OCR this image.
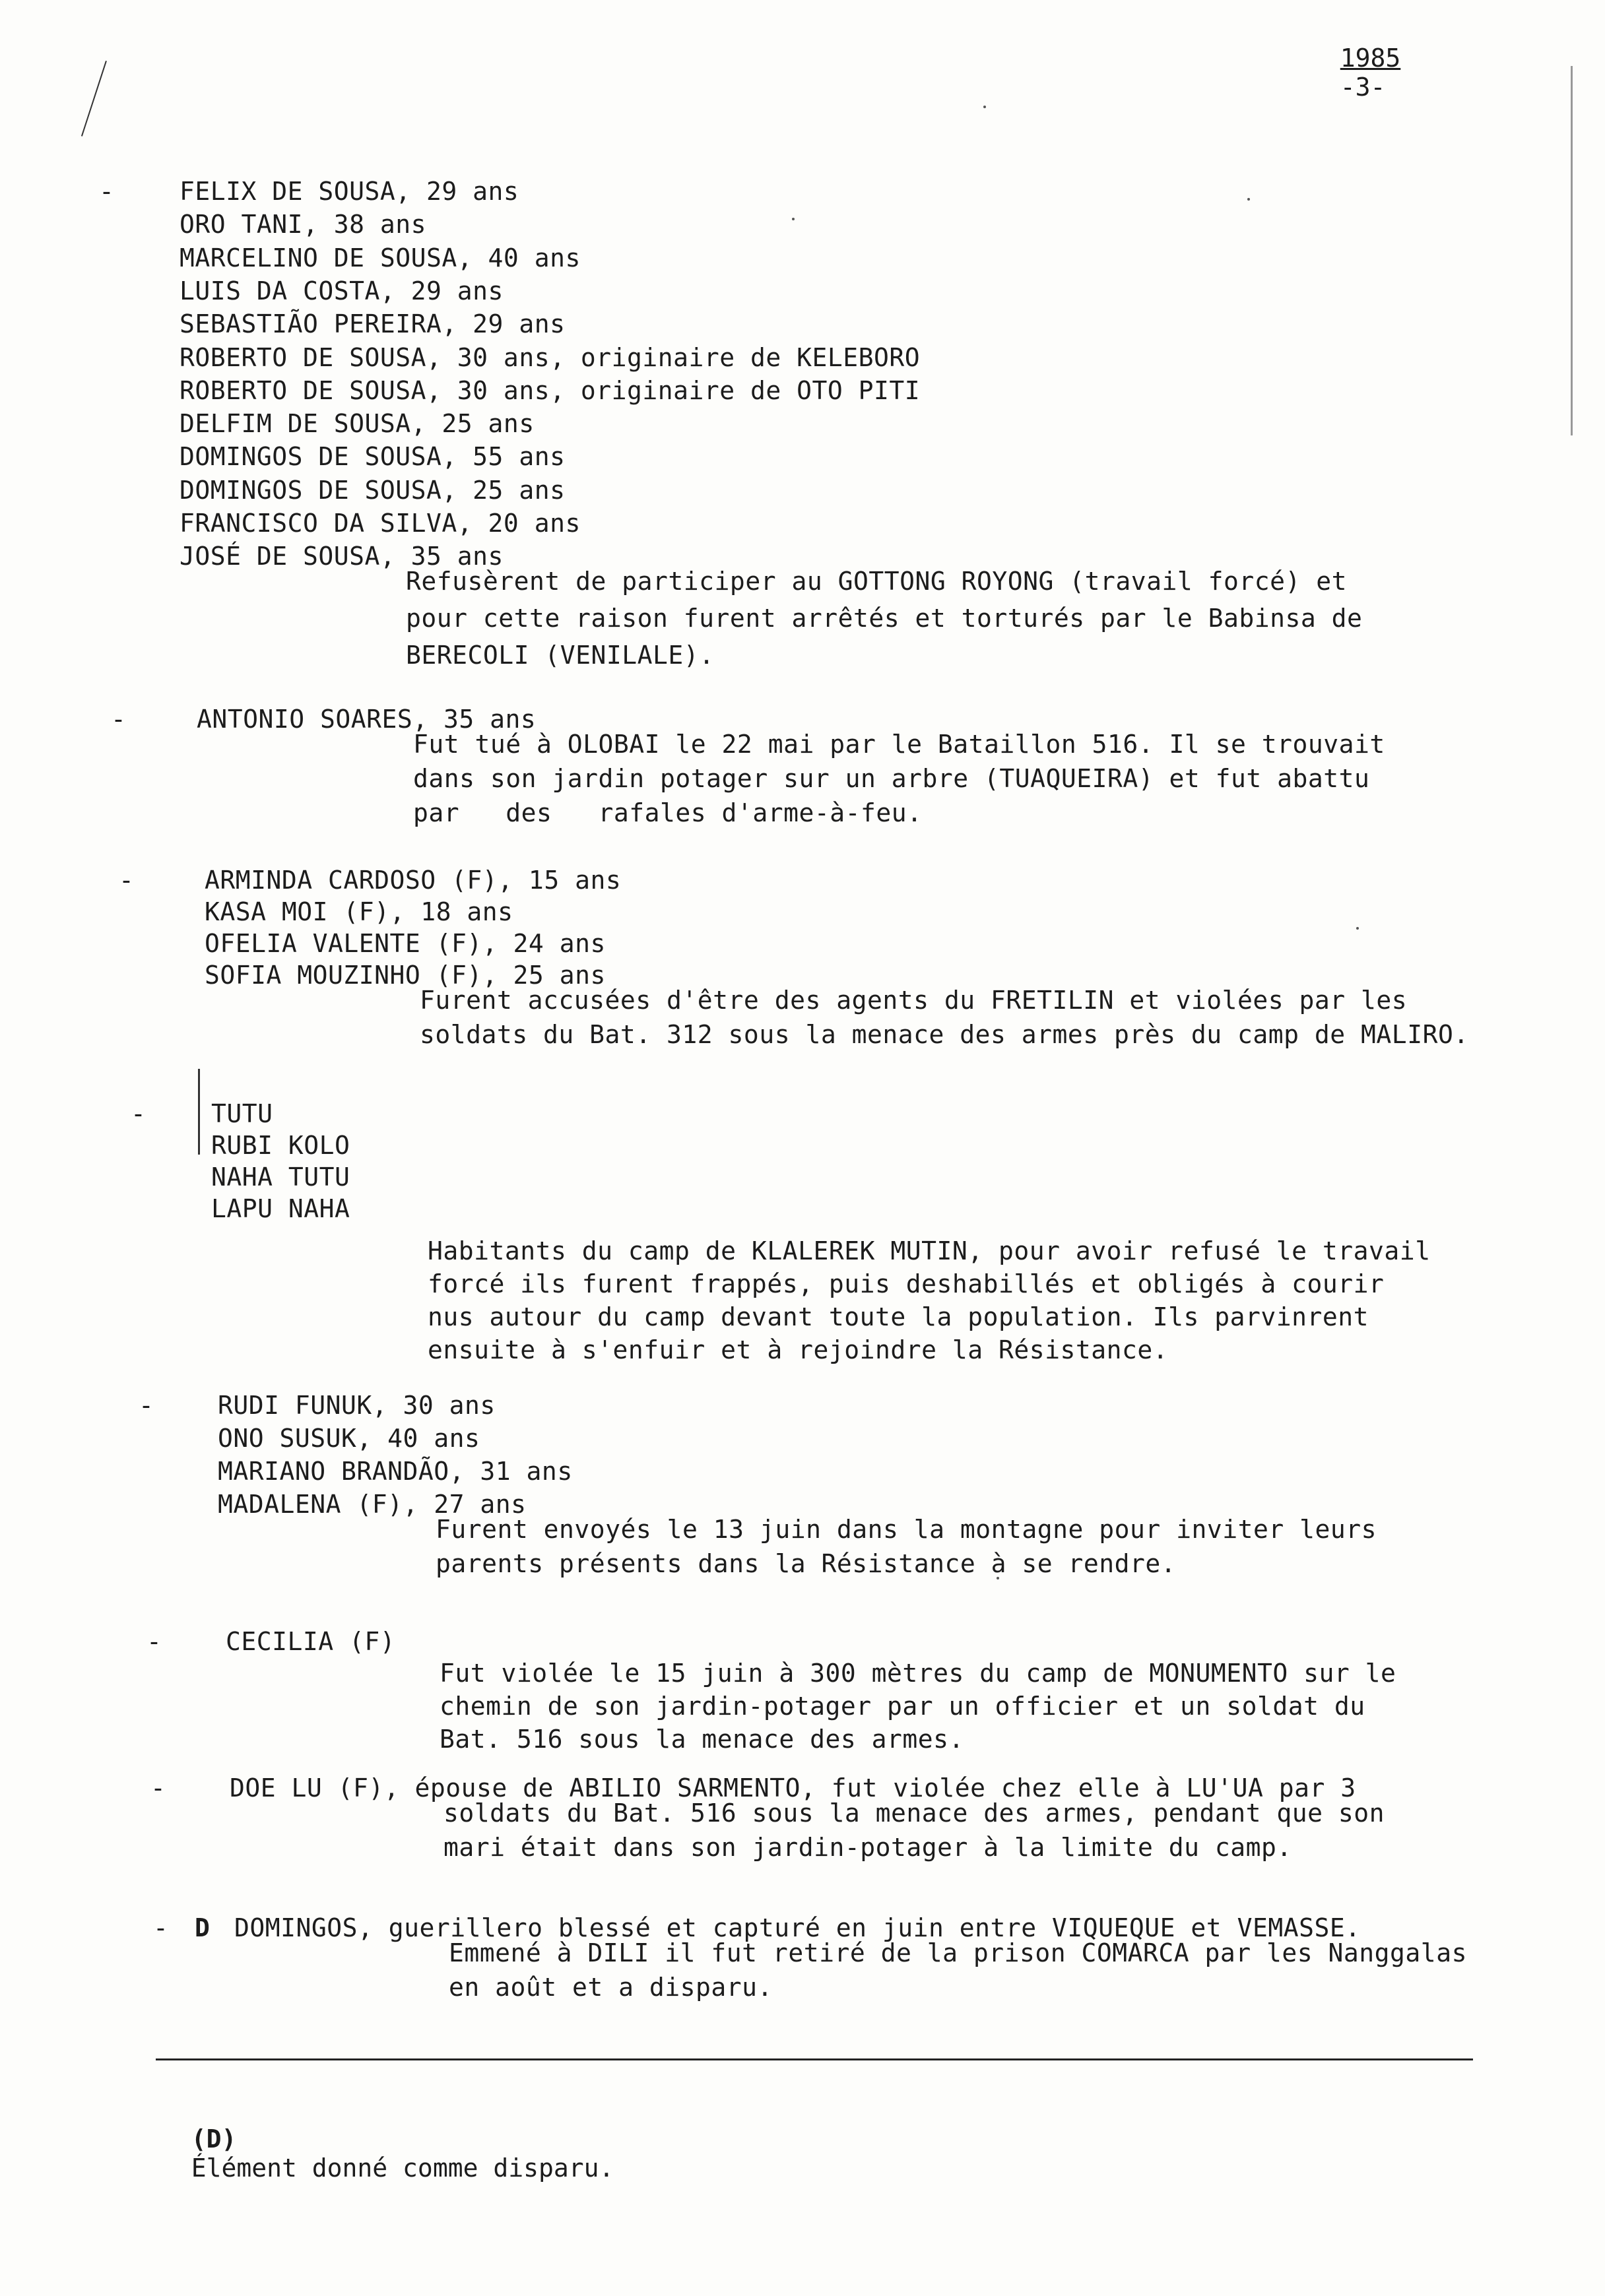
1985
-3-

-	FELIX DE SOUSA, 29 ans
ORO TANI, 38 ans
MARCELINO DE SOUSA, 40 ans
LUIS DA COSTA, 29 ans
SEBASTIÃO PEREIRA, 29 ans
ROBERTO DE SOUSA, 30 ans, originaire de KELEBORO
ROBERTO DE SOUSA, 30 ans, originaire de OTO PITI
DELFIM DE SOUSA, 25 ans
DOMINGOS DE SOUSA, 55 ans
DOMINGOS DE SOUSA, 25 ans
FRANCISCO DA SILVA, 20 ans
JOSÉ DE SOUSA, 35 ans
Refusèrent de participer au GOTTONG ROYONG (travail forcé) et
pour cette raison furent arrêtés et torturés par le Babinsa de
BERECOLI (VENILALE).
-	ANTONIO SOARES, 35 ans
Fut tué à OLOBAI le 22 mai par le Bataillon 516. Il se trouvait
dans son jardin potager sur un arbre (TUAQUEIRA) et fut abattu
par   des   rafales d'arme-à-feu.
-	ARMINDA CARDOSO (F), 15 ans
KASA MOI (F), 18 ans
OFELIA VALENTE (F), 24 ans
SOFIA MOUZINHO (F), 25 ans
Furent accusées d'être des agents du FRETILIN et violées par les
soldats du Bat. 312 sous la menace des armes près du camp de MALIRO.
-	TUTU
RUBI KOLO
NAHA TUTU
LAPU NAHA
Habitants du camp de KLALEREK MUTIN, pour avoir refusé le travail
forcé ils furent frappés, puis deshabillés et obligés à courir
nus autour du camp devant toute la population. Ils parvinrent
ensuite à s'enfuir et à rejoindre la Résistance.
-	RUDI FUNUK, 30 ans
ONO SUSUK, 40 ans
MARIANO BRANDÃO, 31 ans
MADALENA (F), 27 ans
Furent envoyés le 13 juin dans la montagne pour inviter leurs
parents présents dans la Résistance à se rendre.
-	CECILIA (F)
Fut violée le 15 juin à 300 mètres du camp de MONUMENTO sur le
chemin de son jardin-potager par un officier et un soldat du
Bat. 516 sous la menace des armes.
-	DOE LU (F), épouse de ABILIO SARMENTO, fut violée chez elle à LU'UA par 3
soldats du Bat. 516 sous la menace des armes, pendant que son
mari était dans son jardin-potager à la limite du camp.
- D DOMINGOS, guerillero blessé et capturé en juin entre VIQUEQUE et VEMASSE.
Emmené à DILI il fut retiré de la prison COMARCA par les Nanggalas
en août et a disparu.

(D)
Élément donné comme disparu.
